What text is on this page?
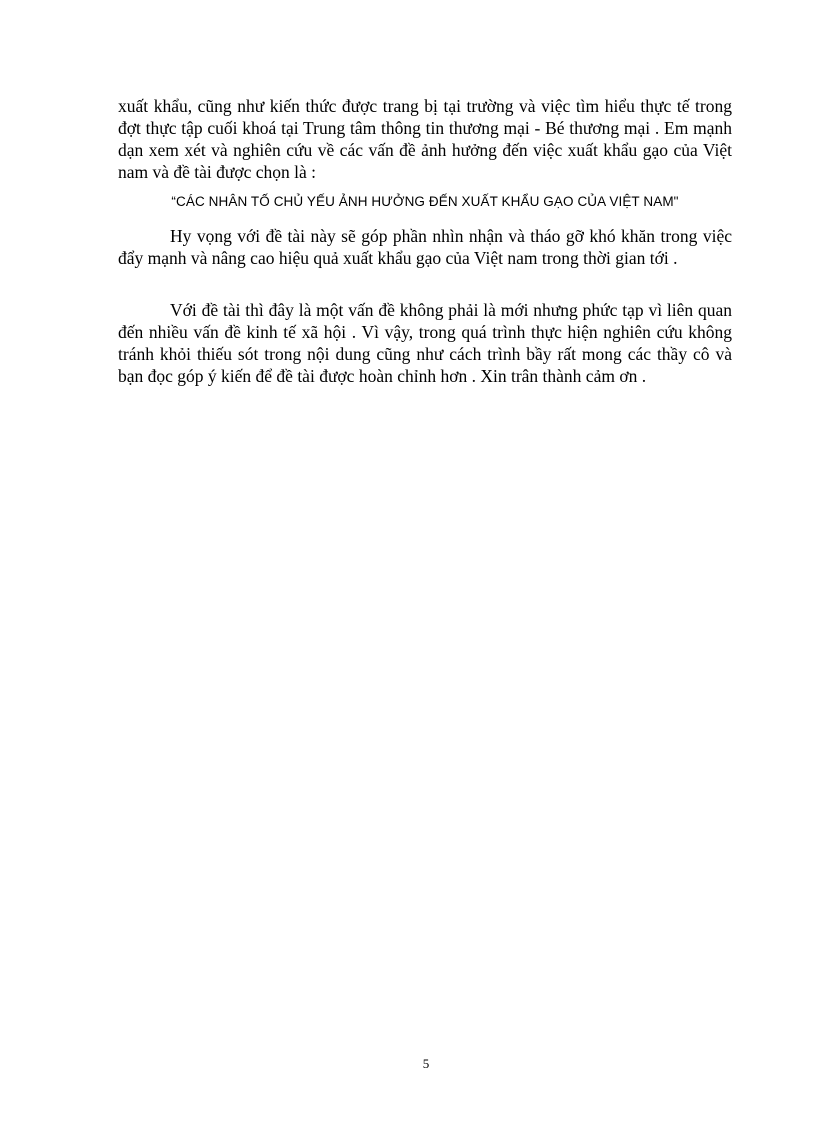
xuất khẩu, cũng như kiến thức được trang bị tại trường và việc tìm hiểu thực tế trong đợt thực tập cuối khoá tại Trung tâm thông tin thương mại - Bé thương mại . Em mạnh dạn xem xét và nghiên cứu về các vấn đề ảnh hưởng đến việc xuất khẩu gạo của Việt nam và đề tài được chọn là :

“CÁC NHÂN TỐ CHỦ YẾU ẢNH HƯỞNG ĐẾN XUẤT KHẨU GẠO CỦA VIỆT NAM"

Hy vọng với đề tài này sẽ góp phần nhìn nhận và tháo gỡ khó khăn trong việc đẩy mạnh và nâng cao hiệu quả xuất khẩu gạo của Việt nam trong thời gian tới .

Với đề tài thì đây là một vấn đề không phải là mới nhưng phức tạp vì liên quan đến nhiều vấn đề kinh tế xã hội . Vì vậy, trong quá trình thực hiện nghiên cứu không tránh khỏi thiếu sót trong nội dung cũng như cách trình bầy rất mong các thầy cô và bạn đọc góp ý kiến để đề tài được hoàn chỉnh hơn . Xin trân thành cảm ơn .

5
